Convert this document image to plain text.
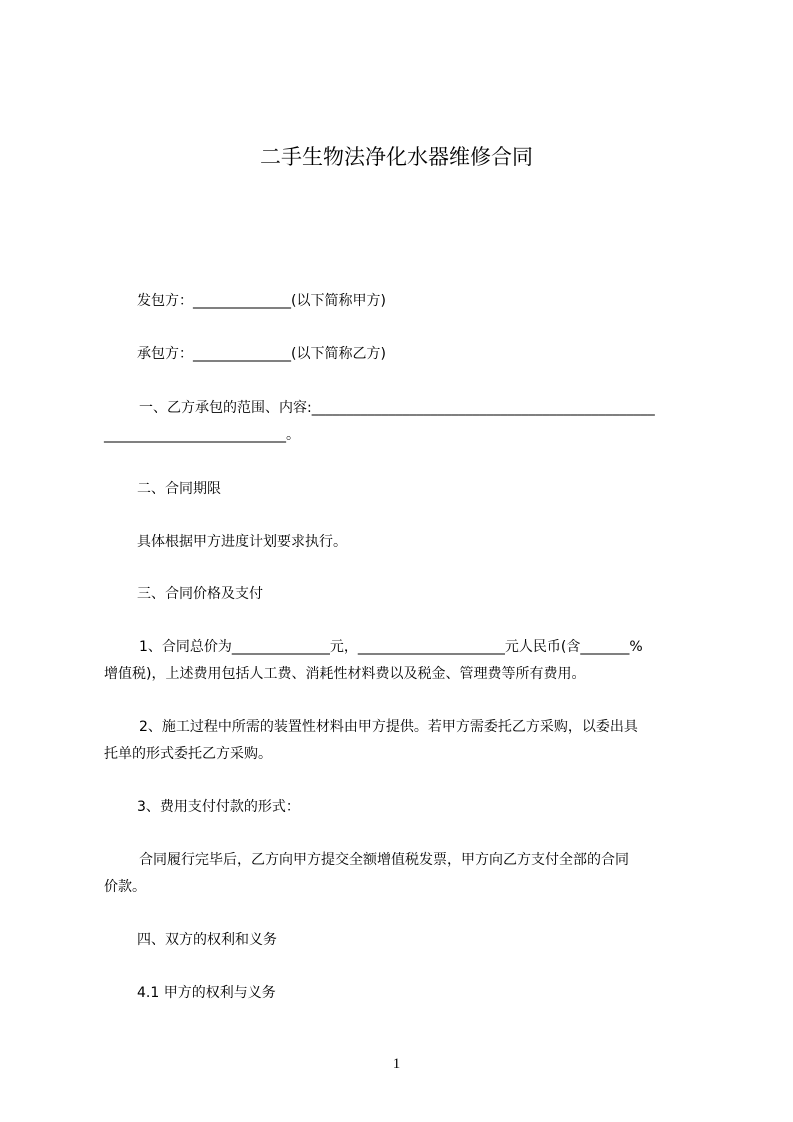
二手生物法净化水器维修合同
发包方：______________(以下简称甲方)
承包方：______________(以下简称乙方)
一、乙方承包的范围、内容:_________________________________________________
__________________________。
二、合同期限
具体根据甲方进度计划要求执行。
三、合同价格及支付
1、合同总价为______________元，_____________________元人民币(含_______%
增值税)，上述费用包括人工费、消耗性材料费以及税金、管理费等所有费用。
2、施工过程中所需的装置性材料由甲方提供。若甲方需委托乙方采购，以委出具
托单的形式委托乙方采购。
3、费用支付付款的形式：
合同履行完毕后，乙方向甲方提交全额增值税发票，甲方向乙方支付全部的合同
价款。
四、双方的权利和义务
4.1 甲方的权利与义务
1
